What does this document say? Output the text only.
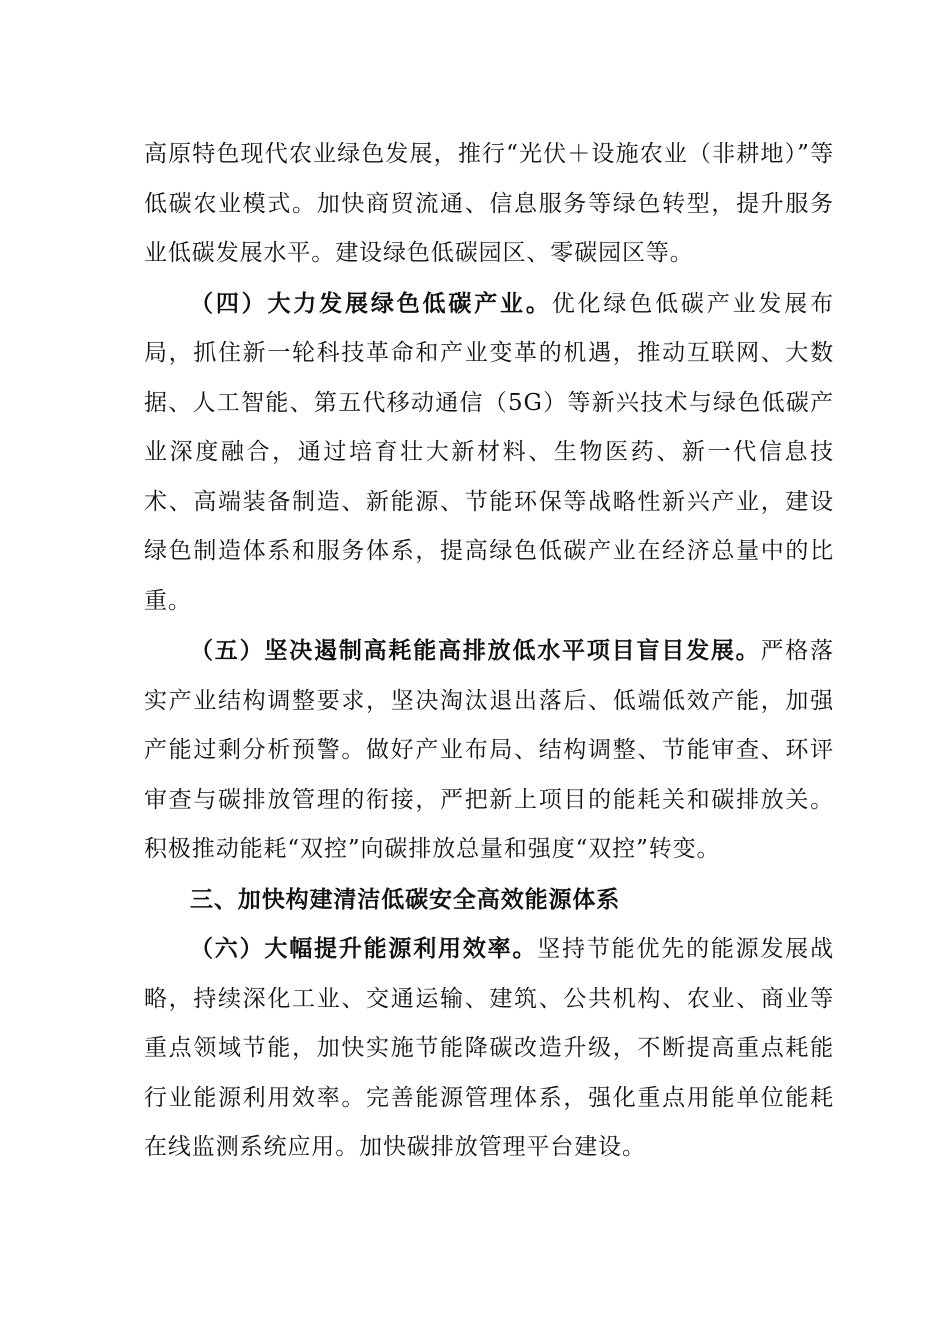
高原特色现代农业绿色发展，推行“光伏＋设施农业（非耕地）”等低碳农业模式。加快商贸流通、信息服务等绿色转型，提升服务业低碳发展水平。建设绿色低碳园区、零碳园区等。

（四）大力发展绿色低碳产业。优化绿色低碳产业发展布局，抓住新一轮科技革命和产业变革的机遇，推动互联网、大数据、人工智能、第五代移动通信（5G）等新兴技术与绿色低碳产业深度融合，通过培育壮大新材料、生物医药、新一代信息技术、高端装备制造、新能源、节能环保等战略性新兴产业，建设绿色制造体系和服务体系，提高绿色低碳产业在经济总量中的比重。

（五）坚决遏制高耗能高排放低水平项目盲目发展。严格落实产业结构调整要求，坚决淘汰退出落后、低端低效产能，加强产能过剩分析预警。做好产业布局、结构调整、节能审查、环评审查与碳排放管理的衔接，严把新上项目的能耗关和碳排放关。积极推动能耗“双控”向碳排放总量和强度“双控”转变。

三、加快构建清洁低碳安全高效能源体系

（六）大幅提升能源利用效率。坚持节能优先的能源发展战略，持续深化工业、交通运输、建筑、公共机构、农业、商业等重点领域节能，加快实施节能降碳改造升级，不断提高重点耗能行业能源利用效率。完善能源管理体系，强化重点用能单位能耗在线监测系统应用。加快碳排放管理平台建设。
